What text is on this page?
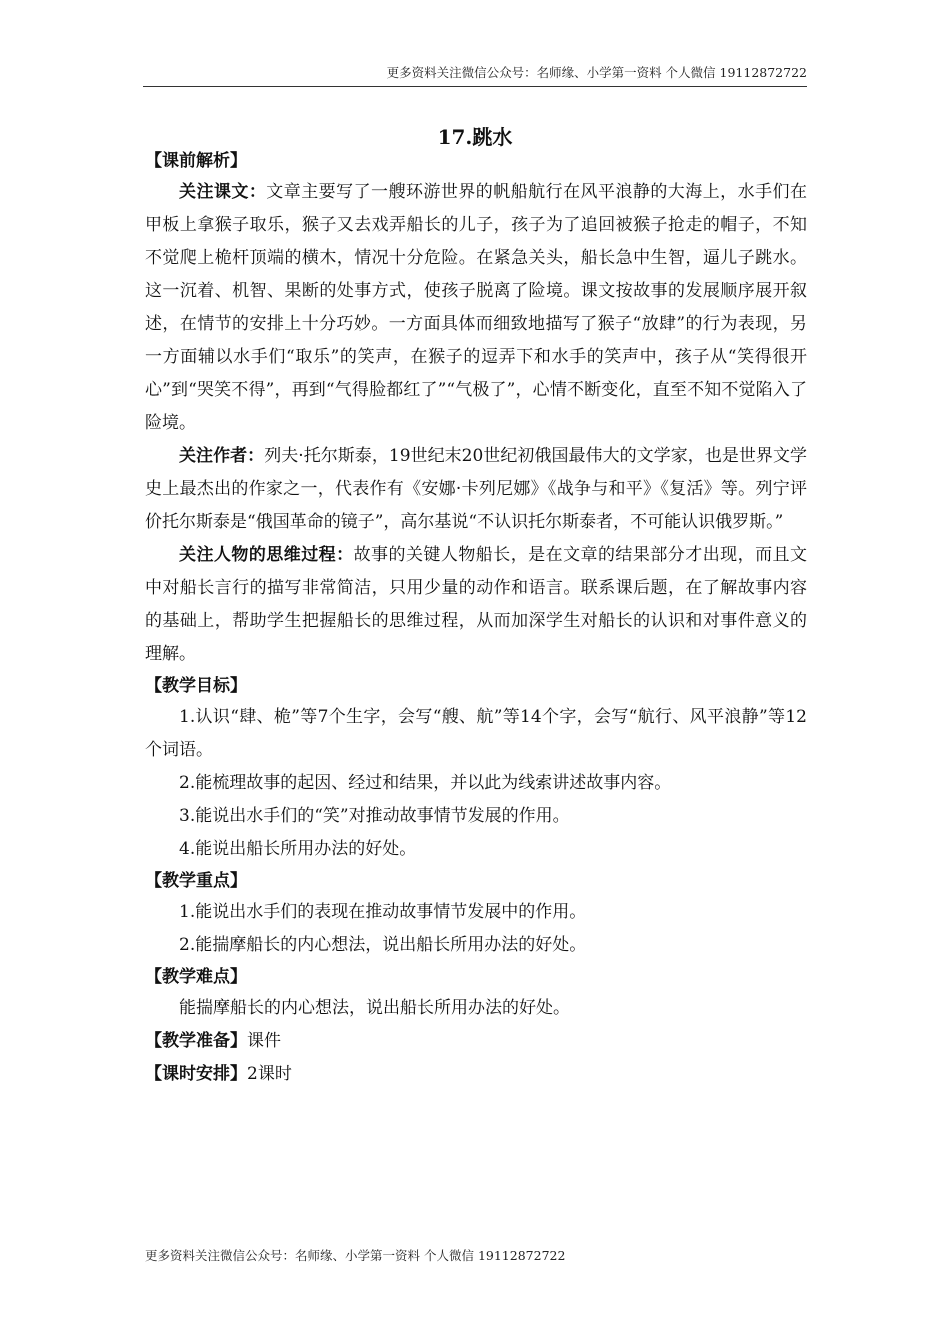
更多资料关注微信公众号：名师缘、小学第一资料 个人微信 19112872722
17.跳水

【课前解析】

关注课文：文章主要写了一艘环游世界的帆船航行在风平浪静的大海上，水手们在甲板上拿猴子取乐，猴子又去戏弄船长的儿子，孩子为了追回被猴子抢走的帽子，不知不觉爬上桅杆顶端的横木，情况十分危险。在紧急关头，船长急中生智，逼儿子跳水。这一沉着、机智、果断的处事方式，使孩子脱离了险境。课文按故事的发展顺序展开叙述，在情节的安排上十分巧妙。一方面具体而细致地描写了猴子“放肆”的行为表现，另一方面辅以水手们“取乐”的笑声，在猴子的逗弄下和水手的笑声中，孩子从“笑得很开心”到“哭笑不得”，再到“气得脸都红了”“气极了”，心情不断变化，直至不知不觉陷入了险境。

关注作者：列夫·托尔斯泰，19世纪末20世纪初俄国最伟大的文学家，也是世界文学史上最杰出的作家之一，代表作有《安娜·卡列尼娜》《战争与和平》《复活》等。列宁评价托尔斯泰是“俄国革命的镜子”，高尔基说“不认识托尔斯泰者，不可能认识俄罗斯。”

关注人物的思维过程：故事的关键人物船长，是在文章的结果部分才出现，而且文中对船长言行的描写非常简洁，只用少量的动作和语言。联系课后题，在了解故事内容的基础上，帮助学生把握船长的思维过程，从而加深学生对船长的认识和对事件意义的理解。

【教学目标】

1.认识“肆、桅”等7个生字，会写“艘、航”等14个字，会写“航行、风平浪静”等12个词语。

2.能梳理故事的起因、经过和结果，并以此为线索讲述故事内容。

3.能说出水手们的“笑”对推动故事情节发展的作用。

4.能说出船长所用办法的好处。

【教学重点】

1.能说出水手们的表现在推动故事情节发展中的作用。

2.能揣摩船长的内心想法，说出船长所用办法的好处。

【教学难点】

能揣摩船长的内心想法，说出船长所用办法的好处。

【教学准备】课件

【课时安排】2课时

更多资料关注微信公众号：名师缘、小学第一资料 个人微信 19112872722
